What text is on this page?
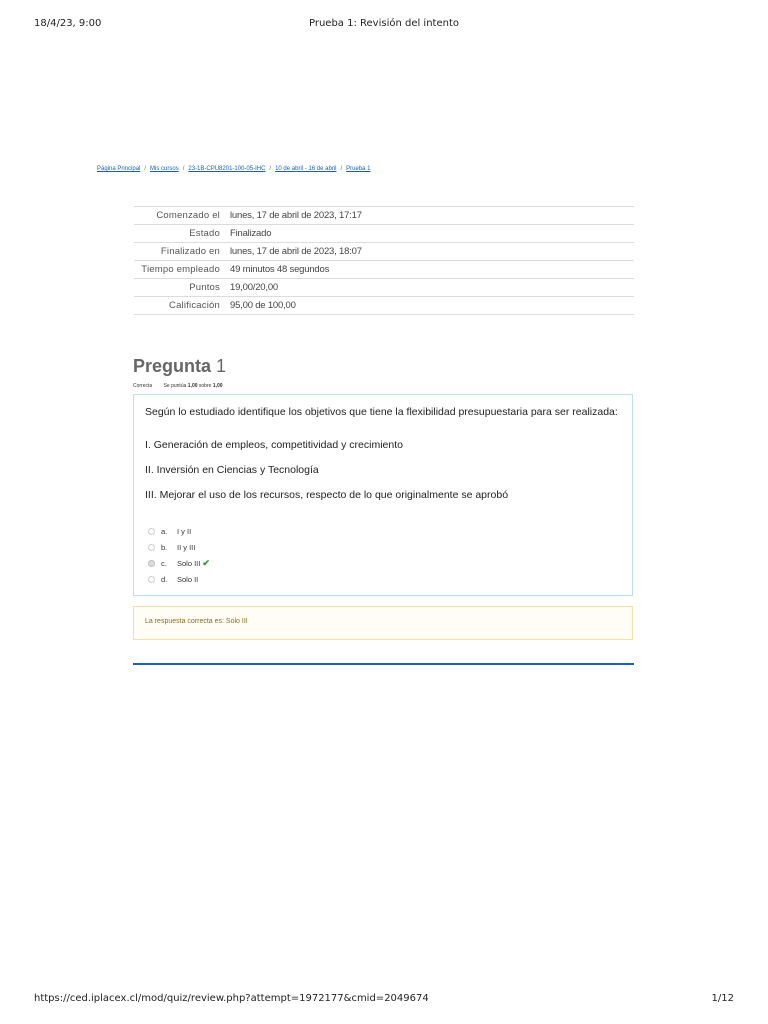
18/4/23, 9:00	Prueba 1: Revisión del intento
Página Principal / Mis cursos / 23-1B-CPU8201-100-05-IHC / 10 de abril - 16 de abril / Prueba 1
Comenzado el	lunes, 17 de abril de 2023, 17:17
Estado	Finalizado
Finalizado en	lunes, 17 de abril de 2023, 18:07
Tiempo empleado	49 minutos 48 segundos
Puntos	19,00/20,00
Calificación	95,00 de 100,00
Pregunta 1
Correcta Se puntúa 1,00 sobre 1,00
Según lo estudiado identifique los objetivos que tiene la flexibilidad presupuestaria para ser realizada:
I. Generación de empleos, competitividad y crecimiento
II. Inversión en Ciencias y Tecnología
III. Mejorar el uso de los recursos, respecto de lo que originalmente se aprobó
a.	I y II
b.	II y III
c.	Solo III ✔
d.	Solo II
La respuesta correcta es: Solo III
https://ced.iplacex.cl/mod/quiz/review.php?attempt=1972177&cmid=2049674	1/12
